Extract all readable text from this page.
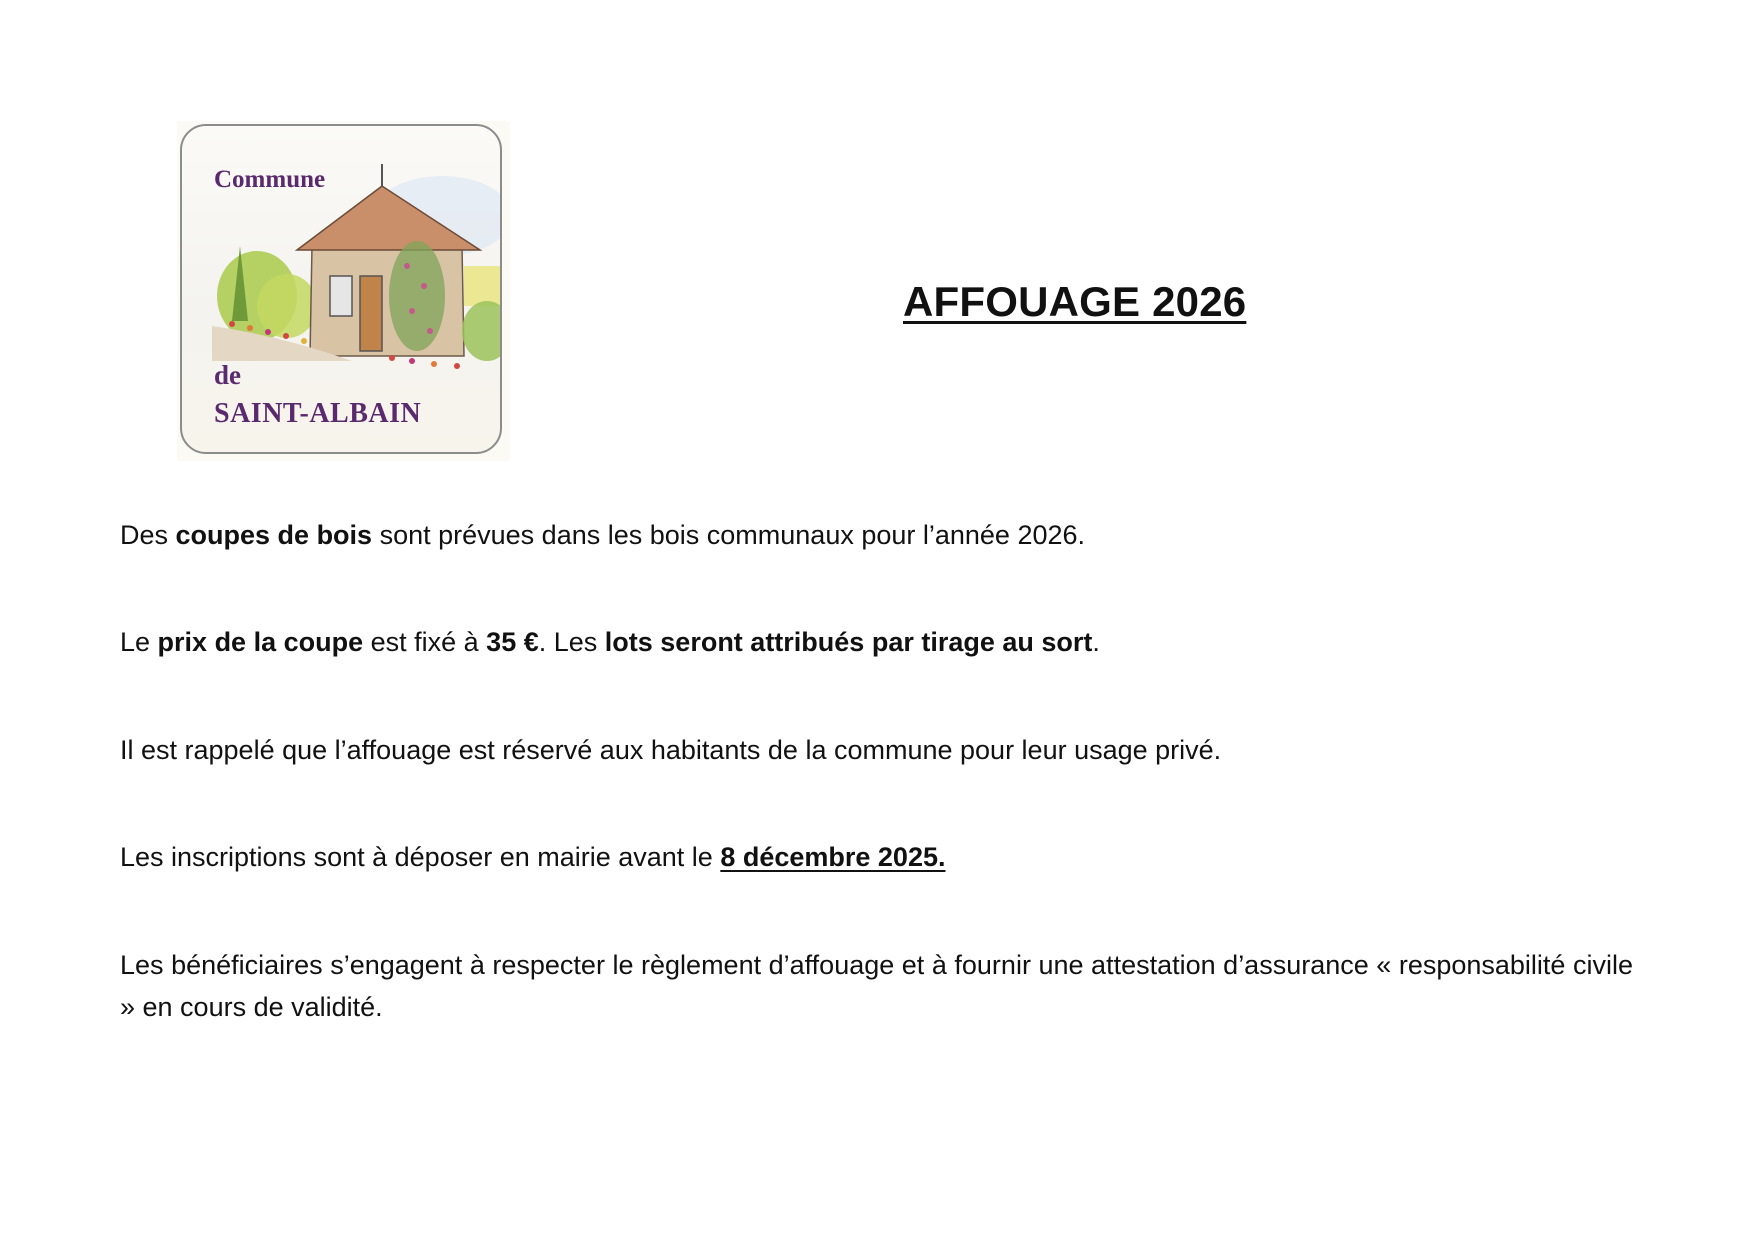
Commune
de
SAINT-ALBAIN
AFFOUAGE 2026
Des coupes de bois sont prévues dans les bois communaux pour l’année 2026.
Le prix de la coupe est fixé à 35 €. Les lots seront attribués par tirage au sort.
Il est rappelé que l’affouage est réservé aux habitants de la commune pour leur usage privé.
Les inscriptions sont à déposer en mairie avant le 8 décembre 2025.
Les bénéficiaires s’engagent à respecter le règlement d’affouage et à fournir une attestation d’assurance « responsabilité civile » en cours de validité.
